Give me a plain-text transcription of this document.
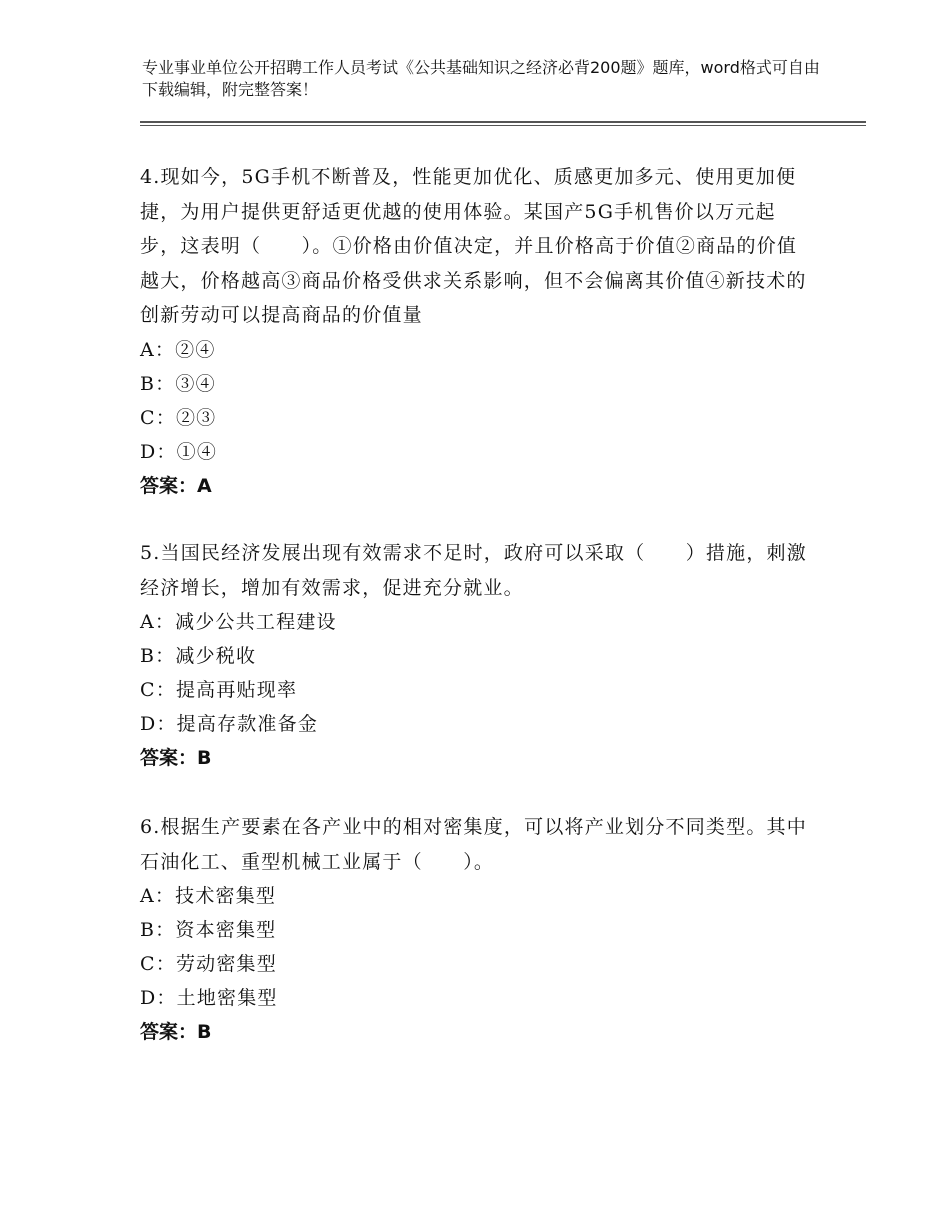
专业事业单位公开招聘工作人员考试《公共基础知识之经济必背200题》题库，word格式可自由下载编辑，附完整答案！

4.现如今，5G手机不断普及，性能更加优化、质感更加多元、使用更加便捷，为用户提供更舒适更优越的使用体验。某国产5G手机售价以万元起步，这表明（　　）。①价格由价值决定，并且价格高于价值②商品的价值越大，价格越高③商品价格受供求关系影响，但不会偏离其价值④新技术的创新劳动可以提高商品的价值量

A：②④

B：③④

C：②③

D：①④

答案：A

5.当国民经济发展出现有效需求不足时，政府可以采取（　　）措施，刺激经济增长，增加有效需求，促进充分就业。

A：减少公共工程建设

B：减少税收

C：提高再贴现率

D：提高存款准备金

答案：B

6.根据生产要素在各产业中的相对密集度，可以将产业划分不同类型。其中石油化工、重型机械工业属于（　　）。

A：技术密集型

B：资本密集型

C：劳动密集型

D：土地密集型

答案：B
